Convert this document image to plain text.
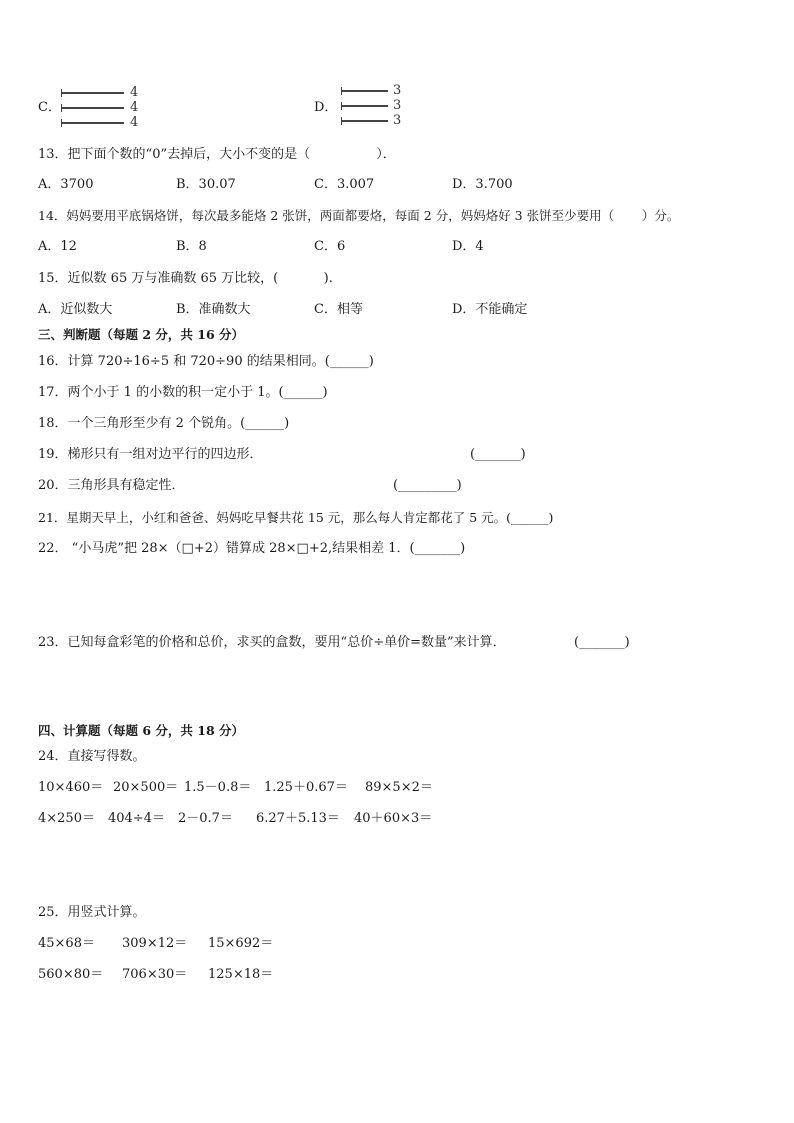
C．
4
4
4
D．
3
3
3
13．把下面个数的“0”去掉后，大小不变的是（                ）．
A．3700	B．30.07	C．3.007	D．3.700
14．妈妈要用平底锅烙饼，每次最多能烙 2 张饼，两面都要烙，每面 2 分，妈妈烙好 3 张饼至少要用（       ）分。
A．12	B．8	C．6	D．4
15．近似数 65 万与准确数 65 万比较，(           ).
A．近似数大	B．准确数大	C．相等	D．不能确定
三、判断题（每题 2 分，共 16 分）
16．计算 720÷16÷5 和 720÷90 的结果相同。(______)
17．两个小于 1 的小数的积一定小于 1。(______)
18．一个三角形至少有 2 个锐角。(______)
19．梯形只有一组对边平行的四边形．	(_______)
20．三角形具有稳定性．	(_________)
21．星期天早上，小红和爸爸、妈妈吃早餐共花 15 元，那么每人肯定都花了 5 元。(______)
22． “小马虎”把 28×（□+2）错算成 28×□+2,结果相差 1．(_______)
23．已知每盒彩笔的价格和总价，求买的盒数，要用“总价÷单价=数量”来计算．	(_______)
四、计算题（每题 6 分，共 18 分）
24．直接写得数。
10×460＝ 20×500＝ 1.5－0.8＝ 1.25＋0.67＝ 89×5×2＝
4×250＝ 404÷4＝ 2－0.7＝ 6.27＋5.13＝ 40＋60×3＝
25．用竖式计算。
45×68＝ 309×12＝ 15×692＝
560×80＝ 706×30＝ 125×18＝
